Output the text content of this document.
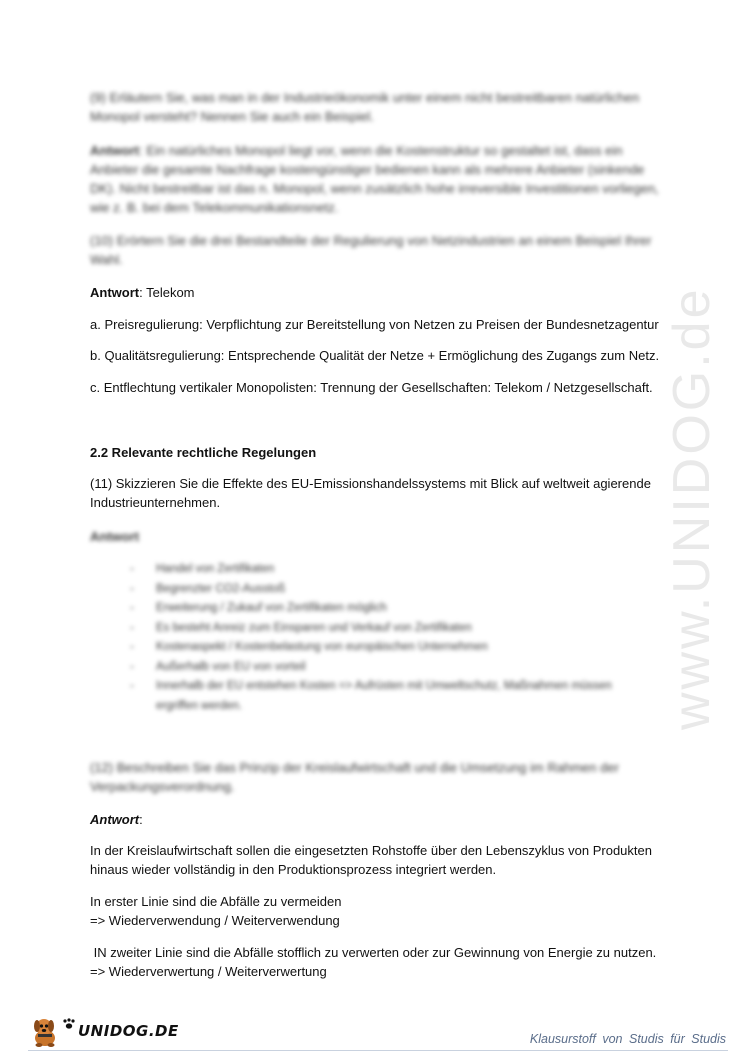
www.UNIDOG.de

(9) Erläutern Sie, was man in der Industrieökonomik unter einem nicht bestreitbaren natürlichen Monopol versteht? Nennen Sie auch ein Beispiel.

Antwort: Ein natürliches Monopol liegt vor, wenn die Kostenstruktur so gestaltet ist, dass ein Anbieter die gesamte Nachfrage kostengünstiger bedienen kann als mehrere Anbieter (sinkende DK). Nicht bestreitbar ist das n. Monopol, wenn zusätzlich hohe irreversible Investitionen vorliegen, wie z. B. bei dem Telekommunikationsnetz.

(10) Erörtern Sie die drei Bestandteile der Regulierung von Netzindustrien an einem Beispiel Ihrer Wahl.

Antwort: Telekom
a. Preisregulierung: Verpflichtung zur Bereitstellung von Netzen zu Preisen der Bundesnetzagentur
b. Qualitätsregulierung: Entsprechende Qualität der Netze + Ermöglichung des Zugangs zum Netz.
c. Entflechtung vertikaler Monopolisten: Trennung der Gesellschaften: Telekom / Netzgesellschaft.
2.2 Relevante rechtliche Regelungen

(11) Skizzieren Sie die Effekte des EU-Emissionshandelssystems mit Blick auf weltweit agierende Industrieunternehmen.

Antwort
- Handel von Zertifikaten
- Begrenzter CO2-Ausstoß
- Erweiterung / Zukauf von Zertifikaten möglich
- Es besteht Anreiz zum Einsparen und Verkauf von Zertifikaten
- Kostenaspekt / Kostenbelastung von europäischen Unternehmen
- Außerhalb von EU von vorteil
- Innerhalb der EU entstehen Kosten => Aufrüsten mit Umweltschutz, Maßnahmen müssen ergriffen werden.

(12) Beschreiben Sie das Prinzip der Kreislaufwirtschaft und die Umsetzung im Rahmen der Verpackungsverordnung.

Antwort:

In der Kreislaufwirtschaft sollen die eingesetzten Rohstoffe über den Lebenszyklus von Produkten hinaus wieder vollständig in den Produktionsprozess integriert werden.

In erster Linie sind die Abfälle zu vermeiden
=> Wiederverwendung / Weiterverwendung
IN zweiter Linie sind die Abfälle stofflich zu verwerten oder zur Gewinnung von Energie zu nutzen.
=> Wiederverwertung / Weiterverwertung
UNIDOG.DE	Klausurstoff von Studis für Studis
